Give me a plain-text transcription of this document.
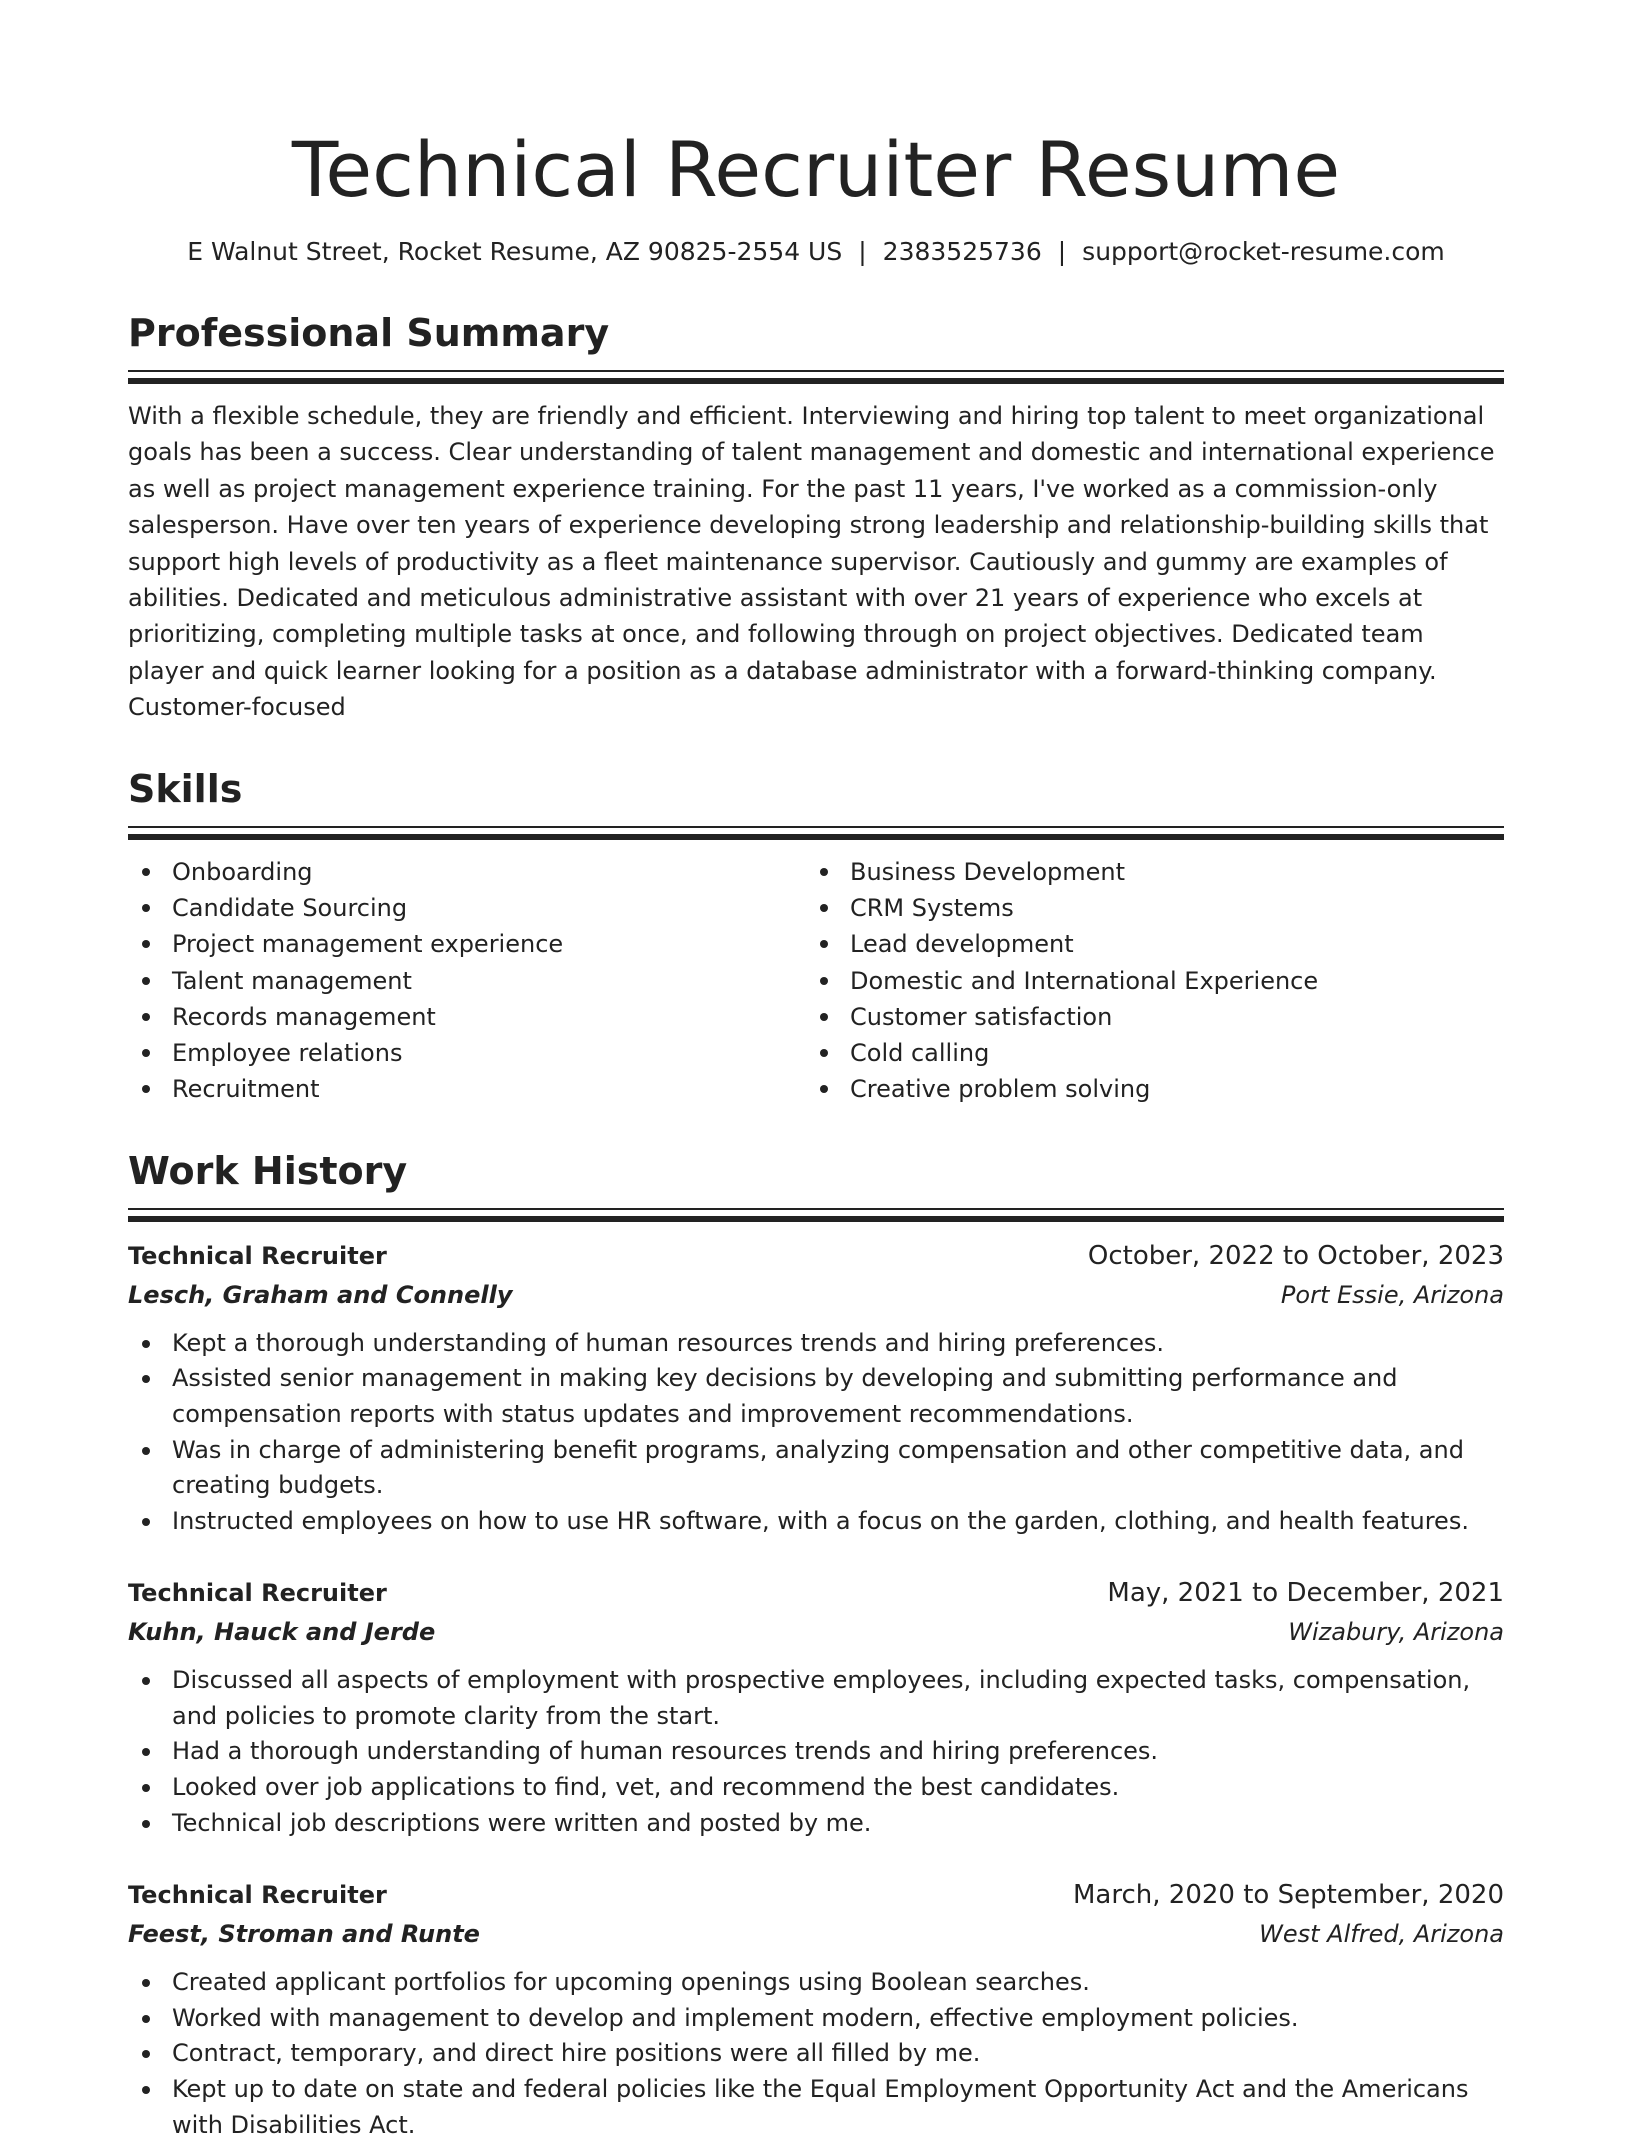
Technical Recruiter Resume
E Walnut Street, Rocket Resume, AZ 90825-2554 US | 2383525736 | support@rocket-resume.com
Professional Summary

With a flexible schedule, they are friendly and efficient. Interviewing and hiring top talent to meet organizational goals has been a success. Clear understanding of talent management and domestic and international experience as well as project management experience training. For the past 11 years, I've worked as a commission-only salesperson. Have over ten years of experience developing strong leadership and relationship-building skills that support high levels of productivity as a fleet maintenance supervisor. Cautiously and gummy are examples of abilities. Dedicated and meticulous administrative assistant with over 21 years of experience who excels at prioritizing, completing multiple tasks at once, and following through on project objectives. Dedicated team player and quick learner looking for a position as a database administrator with a forward-thinking company. Customer-focused

Skills
Onboarding
Candidate Sourcing
Project management experience
Talent management
Records management
Employee relations
Recruitment
Business Development
CRM Systems
Lead development
Domestic and International Experience
Customer satisfaction
Cold calling
Creative problem solving
Work History
Technical Recruiter	October, 2022 to October, 2023
Lesch, Graham and Connelly	Port Essie, Arizona
Kept a thorough understanding of human resources trends and hiring preferences.
Assisted senior management in making key decisions by developing and submitting performance and compensation reports with status updates and improvement recommendations.
Was in charge of administering benefit programs, analyzing compensation and other competitive data, and creating budgets.
Instructed employees on how to use HR software, with a focus on the garden, clothing, and health features.
Technical Recruiter	May, 2021 to December, 2021
Kuhn, Hauck and Jerde	Wizabury, Arizona
Discussed all aspects of employment with prospective employees, including expected tasks, compensation, and policies to promote clarity from the start.
Had a thorough understanding of human resources trends and hiring preferences.
Looked over job applications to find, vet, and recommend the best candidates.
Technical job descriptions were written and posted by me.
Technical Recruiter	March, 2020 to September, 2020
Feest, Stroman and Runte	West Alfred, Arizona
Created applicant portfolios for upcoming openings using Boolean searches.
Worked with management to develop and implement modern, effective employment policies.
Contract, temporary, and direct hire positions were all filled by me.
Kept up to date on state and federal policies like the Equal Employment Opportunity Act and the Americans with Disabilities Act.
